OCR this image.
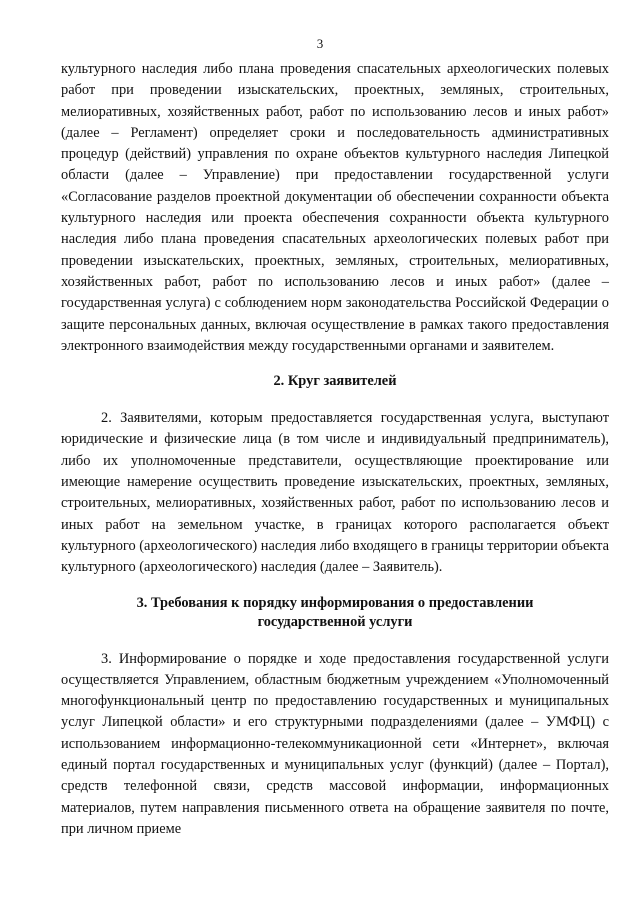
3

культурного наследия либо плана проведения спасательных археологических полевых работ при проведении изыскательских, проектных, земляных, строительных, мелиоративных, хозяйственных работ, работ по использованию лесов и иных работ» (далее – Регламент) определяет сроки и последовательность административных процедур (действий) управления по охране объектов культурного наследия Липецкой области (далее – Управление) при предоставлении государственной услуги «Согласование разделов проектной документации об обеспечении сохранности объекта культурного наследия или проекта обеспечения сохранности объекта культурного наследия либо плана проведения спасательных археологических полевых работ при проведении изыскательских, проектных, земляных, строительных, мелиоративных, хозяйственных работ, работ по использованию лесов и иных работ» (далее – государственная услуга) с соблюдением норм законодательства Российской Федерации о защите персональных данных, включая осуществление в рамках такого предоставления электронного взаимодействия между государственными органами и заявителем.

2. Круг заявителей

2. Заявителями, которым предоставляется государственная услуга, выступают юридические и физические лица (в том числе и индивидуальный предприниматель), либо их уполномоченные представители, осуществляющие проектирование или имеющие намерение осуществить проведение изыскательских, проектных, земляных, строительных, мелиоративных, хозяйственных работ, работ по использованию лесов и иных работ на земельном участке, в границах которого располагается объект культурного (археологического) наследия либо входящего в границы территории объекта культурного (археологического) наследия (далее – Заявитель).

3. Требования к порядку информирования о предоставлении
государственной услуги

3. Информирование о порядке и ходе предоставления государственной услуги осуществляется Управлением, областным бюджетным учреждением «Уполномоченный многофункциональный центр по предоставлению государственных и муниципальных услуг Липецкой области» и его структурными подразделениями (далее – УМФЦ) с использованием информационно-телекоммуникационной сети «Интернет», включая единый портал государственных и муниципальных услуг (функций) (далее – Портал), средств телефонной связи, средств массовой информации, информационных материалов, путем направления письменного ответа на обращение заявителя по почте, при личном приеме
